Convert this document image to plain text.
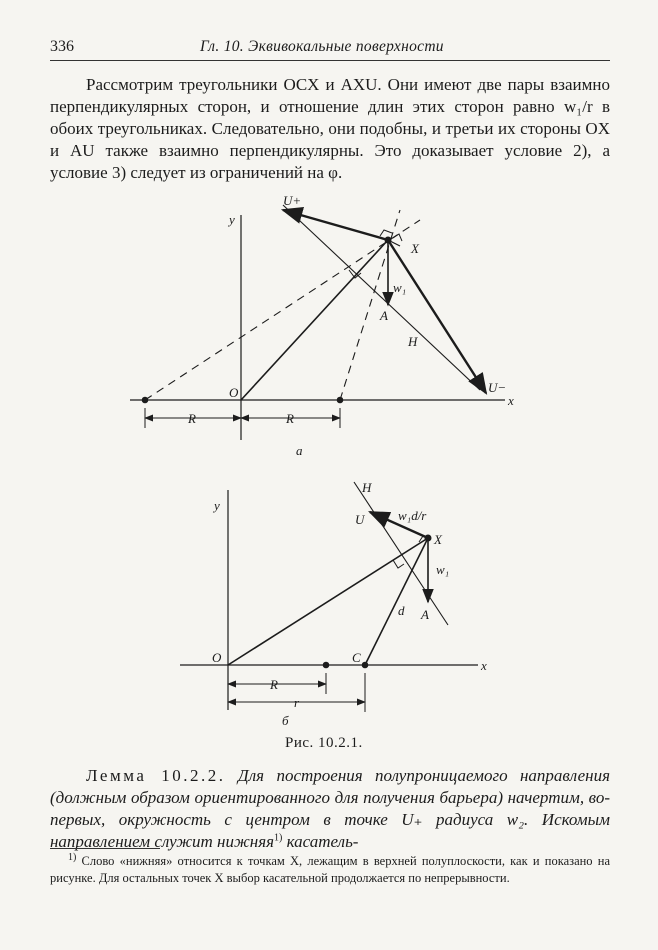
336	Гл. 10. Эквивокальные поверхности

Рассмотрим треугольники OCX и AXU. Они имеют две пары взаимно перпендикулярных сторон, и отношение длин этих сторон равно w₁/r в обоих треугольниках. Следовательно, они подобны, и третьи их стороны OX и AU также взаимно перпендикулярны. Это доказывает условие 2), а условие 3) следует из ограничений на φ.

y
U+
X
w₁
A
H
U−
x
O
R	R
а
y
H
U	w₁d/r
X
w₁
d A
O	C
x
R
r
б
Рис. 10.2.1.

Лемма 10.2.2. Для построения полупроницаемого направления (должным образом ориентированного для получения барьера) начертим, во-первых, окружность с центром в точке U₊ радиуса w₂. Искомым направлением служит нижняя$^{1)}$ касатель-

$^{1)}$ Слово «нижняя» относится к точкам X, лежащим в верхней полуплоскости, как и показано на рисунке. Для остальных точек X выбор касательной продолжается по непрерывности.
